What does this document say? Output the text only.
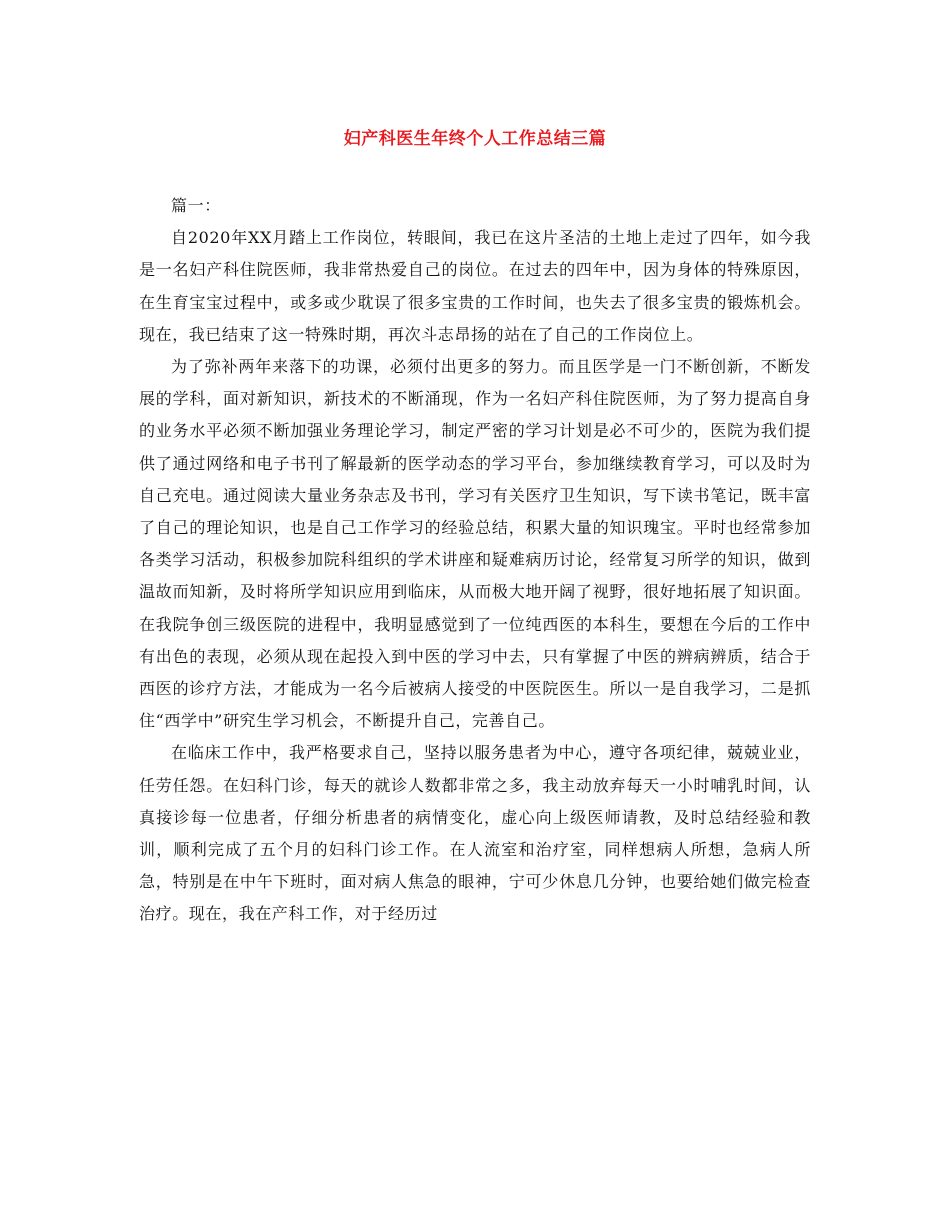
妇产科医生年终个人工作总结三篇

篇一：

自2020年XX月踏上工作岗位，转眼间，我已在这片圣洁的土地上走过了四年，如今我是一名妇产科住院医师，我非常热爱自己的岗位。在过去的四年中，因为身体的特殊原因，在生育宝宝过程中，或多或少耽误了很多宝贵的工作时间，也失去了很多宝贵的锻炼机会。现在，我已结束了这一特殊时期，再次斗志昂扬的站在了自己的工作岗位上。

为了弥补两年来落下的功课，必须付出更多的努力。而且医学是一门不断创新，不断发展的学科，面对新知识，新技术的不断涌现，作为一名妇产科住院医师，为了努力提高自身的业务水平必须不断加强业务理论学习，制定严密的学习计划是必不可少的，医院为我们提供了通过网络和电子书刊了解最新的医学动态的学习平台，参加继续教育学习，可以及时为自己充电。通过阅读大量业务杂志及书刊，学习有关医疗卫生知识，写下读书笔记，既丰富了自己的理论知识，也是自己工作学习的经验总结，积累大量的知识瑰宝。平时也经常参加各类学习活动，积极参加院科组织的学术讲座和疑难病历讨论，经常复习所学的知识，做到温故而知新，及时将所学知识应用到临床，从而极大地开阔了视野，很好地拓展了知识面。在我院争创三级医院的进程中，我明显感觉到了一位纯西医的本科生，要想在今后的工作中有出色的表现，必须从现在起投入到中医的学习中去，只有掌握了中医的辨病辨质，结合于西医的诊疗方法，才能成为一名今后被病人接受的中医院医生。所以一是自我学习，二是抓住“西学中”研究生学习机会，不断提升自己，完善自己。

在临床工作中，我严格要求自己，坚持以服务患者为中心，遵守各项纪律，兢兢业业，任劳任怨。在妇科门诊，每天的就诊人数都非常之多，我主动放弃每天一小时哺乳时间，认真接诊每一位患者，仔细分析患者的病情变化，虚心向上级医师请教，及时总结经验和教训，顺利完成了五个月的妇科门诊工作。在人流室和治疗室，同样想病人所想，急病人所急，特别是在中午下班时，面对病人焦急的眼神，宁可少休息几分钟，也要给她们做完检查治疗。现在，我在产科工作，对于经历过
